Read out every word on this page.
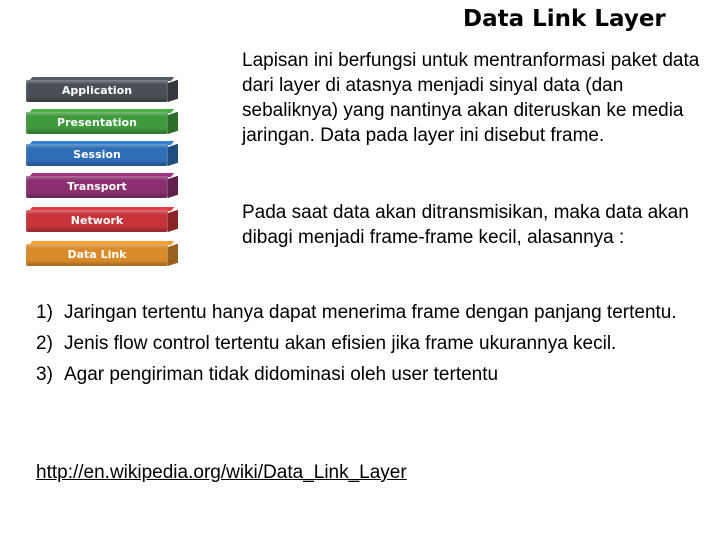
Data Link Layer
Application
Presentation
Session
Transport
Network
Data Link

Lapisan ini berfungsi untuk mentranformasi paket data dari layer di atasnya menjadi sinyal data (dan sebaliknya) yang nantinya akan diteruskan ke media jaringan. Data pada layer ini disebut frame.

Pada saat data akan ditransmisikan, maka data akan dibagi menjadi frame-frame kecil, alasannya :

1) Jaringan tertentu hanya dapat menerima frame dengan panjang tertentu.
2) Jenis flow control tertentu akan efisien jika frame ukurannya kecil.
3) Agar pengiriman tidak didominasi oleh user tertentu
http://en.wikipedia.org/wiki/Data_Link_Layer
